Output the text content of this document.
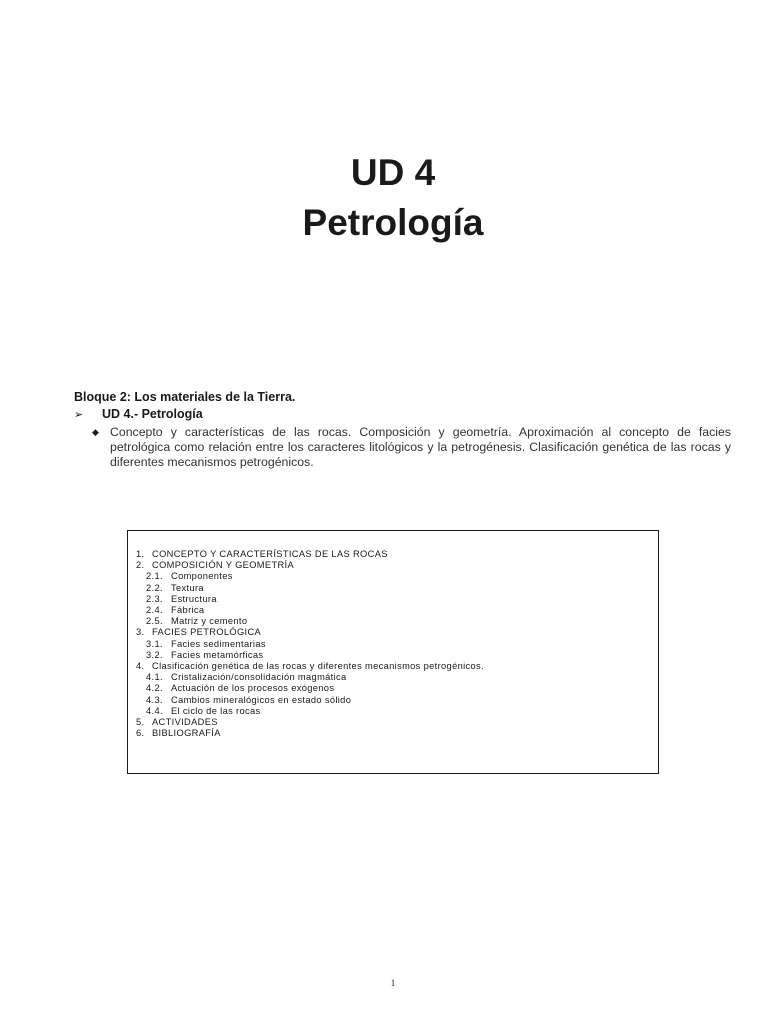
UD 4
Petrología
Bloque 2: Los materiales de la Tierra.
➢ UD 4.- Petrología
◆ Concepto y características de las rocas. Composición y geometría. Aproximación al concepto de facies petrológica como relación entre los caracteres litológicos y la petrogénesis. Clasificación genética de las rocas y diferentes mecanismos petrogénicos.
1. CONCEPTO Y CARACTERÍSTICAS DE LAS ROCAS
2. COMPOSICIÓN Y GEOMETRÍA
2.1. Componentes
2.2. Textura
2.3. Estructura
2.4. Fábrica
2.5. Matriz y cemento
3. FACIES PETROLÓGICA
3.1. Facies sedimentarias
3.2. Facies metamórficas
4. Clasificación genética de las rocas y diferentes mecanismos petrogénicos.
4.1. Cristalización/consolidación magmática
4.2. Actuación de los procesos exógenos
4.3. Cambios mineralógicos en estado sólido
4.4. El ciclo de las rocas
5. ACTIVIDADES
6. BIBLIOGRAFÍA
1
